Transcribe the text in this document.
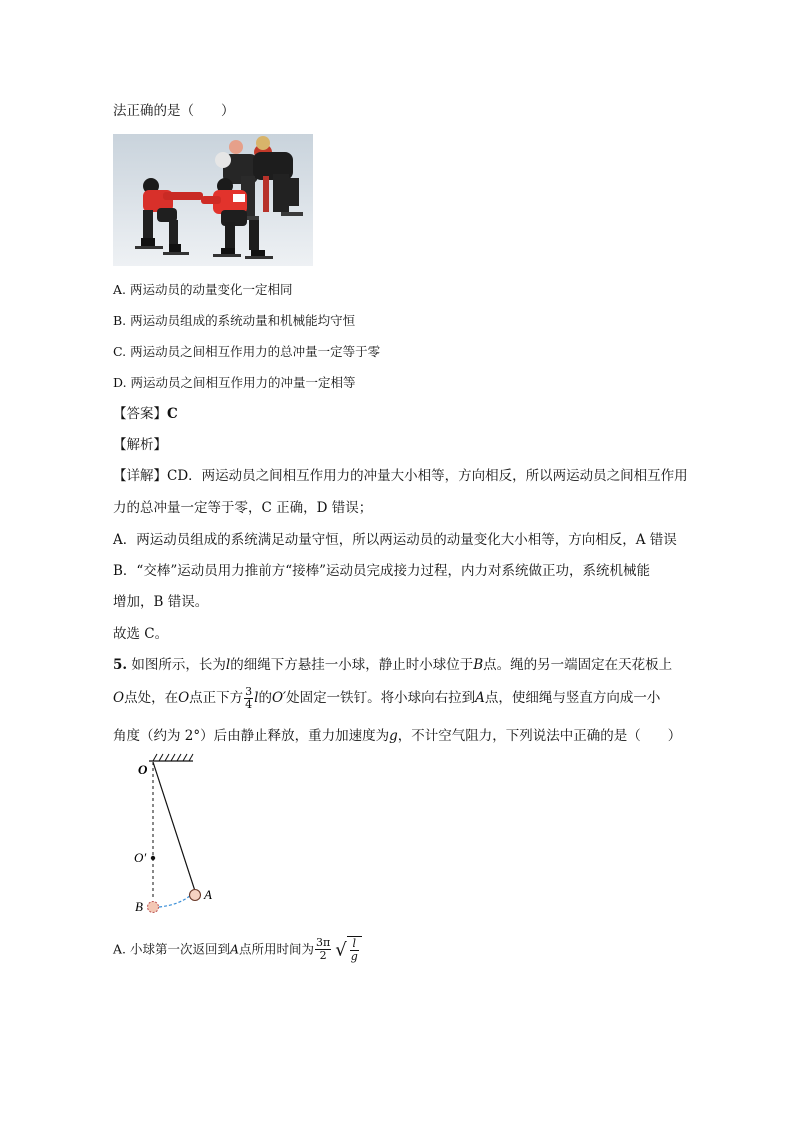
法正确的是（　　）
A. 两运动员的动量变化一定相同
B. 两运动员组成的系统动量和机械能均守恒
C. 两运动员之间相互作用力的总冲量一定等于零
D. 两运动员之间相互作用力的冲量一定相等
【答案】C
【解析】
【详解】CD．两运动员之间相互作用力的冲量大小相等，方向相反，所以两运动员之间相互作用
力的总冲量一定等于零，C 正确，D 错误；
A．两运动员组成的系统满足动量守恒，所以两运动员的动量变化大小相等，方向相反，A 错误
B．“交棒”运动员用力推前方“接棒”运动员完成接力过程，内力对系统做正功，系统机械能
增加，B 错误。
故选 C。
5. 如图所示，长为l的细绳下方悬挂一小球，静止时小球位于B点。绳的另一端固定在天花板上
O点处，在O点正下方 $\frac{3}{4}$ l的O′处固定一铁钉。将小球向右拉到A点，使细绳与竖直方向成一小
角度（约为 2°）后由静止释放，重力加速度为g，不计空气阻力，下列说法中正确的是（　　）
O
O′
B
A
A. 小球第一次返回到A点所用时间为 $\frac{3\pi}{2}$ √ $\frac{l}{g}$
